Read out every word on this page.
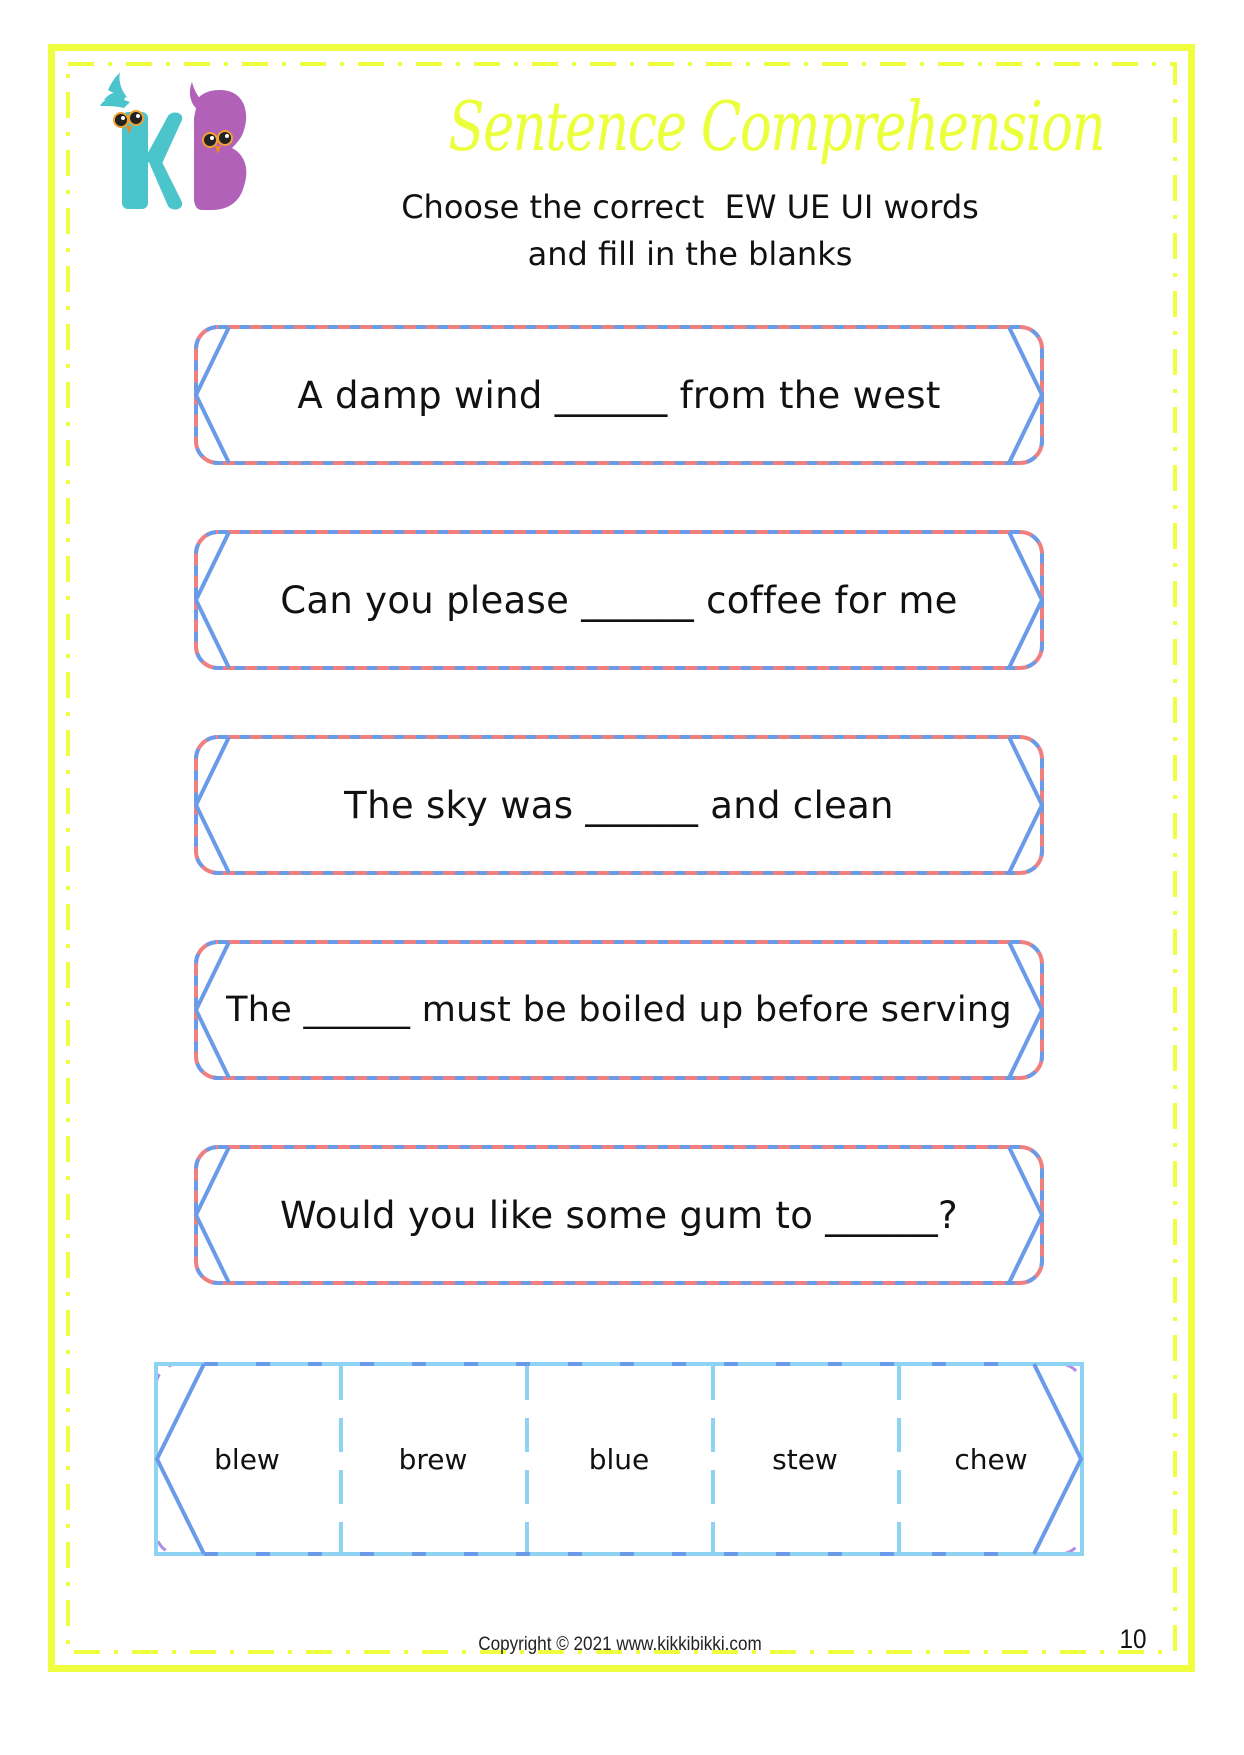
Sentence Comprehension
Choose the correct  EW UE UI words
and fill in the blanks
A damp wind ______ from the west
Can you please ______ coffee for me
The sky was ______ and clean
The ______ must be boiled up before serving
Would you like some gum to ______?
blew	brew	blue	stew	chew
Copyright © 2021 www.kikkibikki.com	10
